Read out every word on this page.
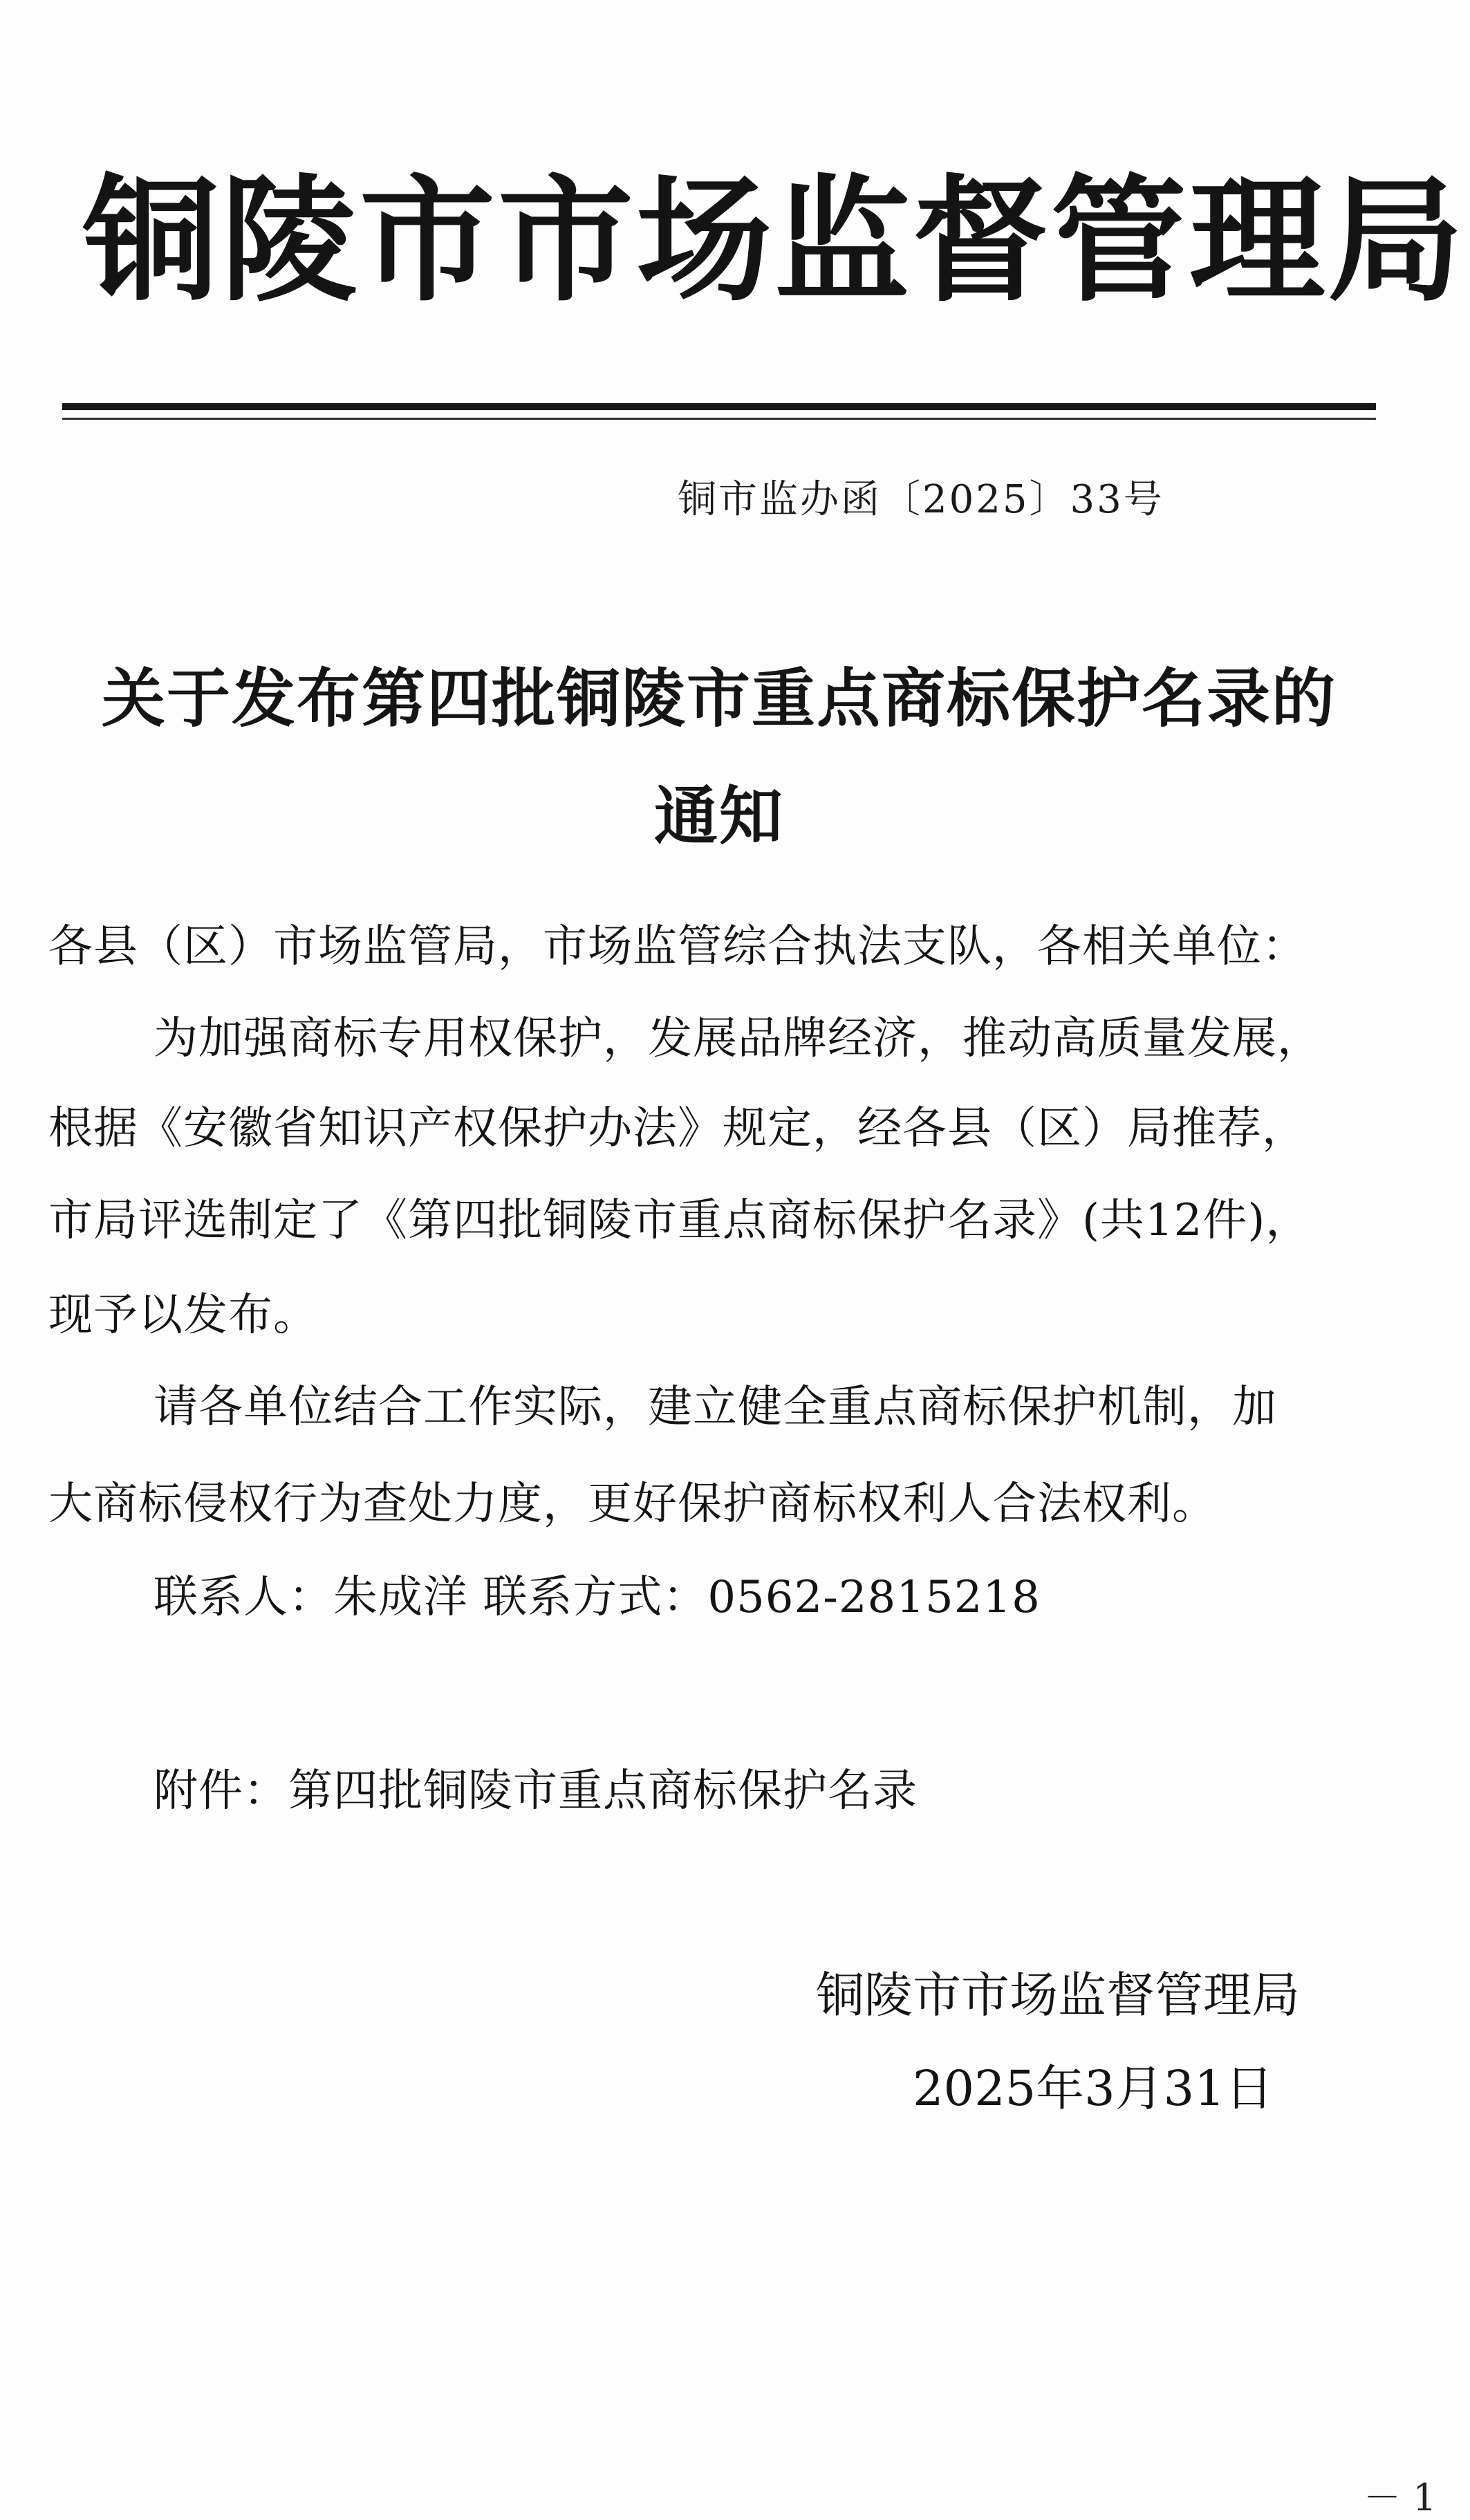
铜陵市市场监督管理局
铜市监办函〔2025〕33号
关于发布第四批铜陵市重点商标保护名录的
通知
各县（区）市场监管局，市场监管综合执法支队，各相关单位：
为加强商标专用权保护，发展品牌经济，推动高质量发展，
根据《安徽省知识产权保护办法》规定，经各县（区）局推荐，
市局评选制定了《第四批铜陵市重点商标保护名录》(共12件)，
现予以发布。
请各单位结合工作实际，建立健全重点商标保护机制，加
大商标侵权行为查处力度，更好保护商标权利人合法权利。
联系人：朱成洋 联系方式：0562-2815218
附件：第四批铜陵市重点商标保护名录
铜陵市市场监督管理局
2025年3月31日
－ 1
